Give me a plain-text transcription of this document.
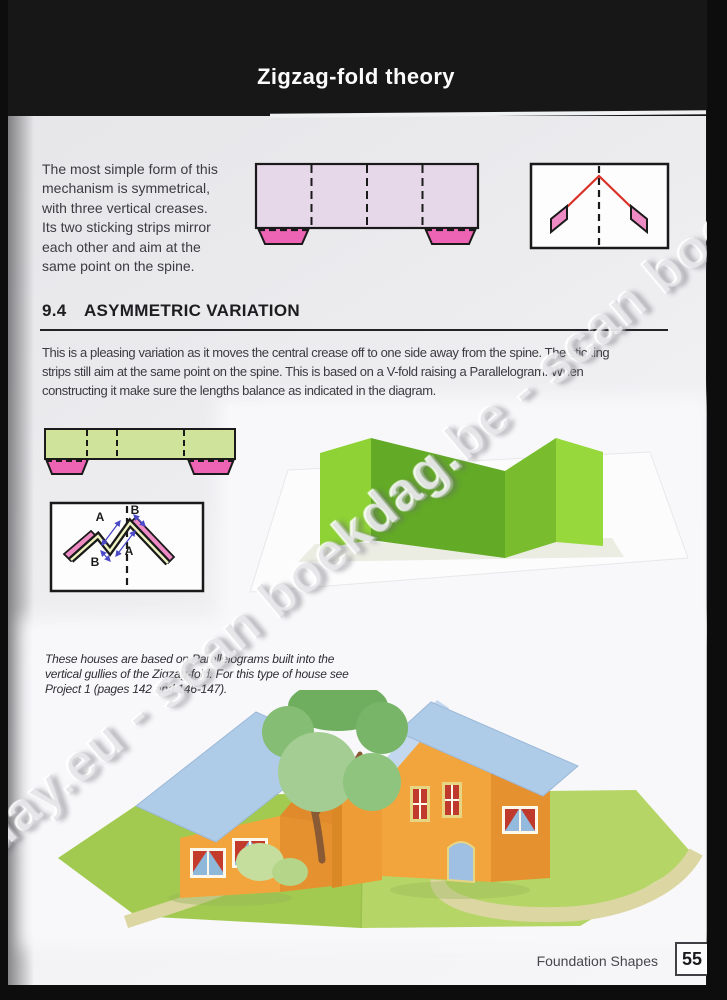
Zigzag-fold theory
The most simple form of this
mechanism is symmetrical,
with three vertical creases.
Its two sticking strips mirror
each other and aim at the
same point on the spine.
9.4 ASYMMETRIC VARIATION
This is a pleasing variation as it moves the central crease off to one side away from the spine. The sticking
strips still aim at the same point on the spine. This is based on a V-fold raising a Parallelogram. When
constructing it make sure the lengths balance as indicated in the diagram.
A B
B
A
These houses are based on Parallelograms built into the
vertical gullies of the Zigzag-fold. For this type of house see
Project 1 (pages 142 and 146-147).
Foundation Shapes 55
day.eu - scan boekdag.be - scan
